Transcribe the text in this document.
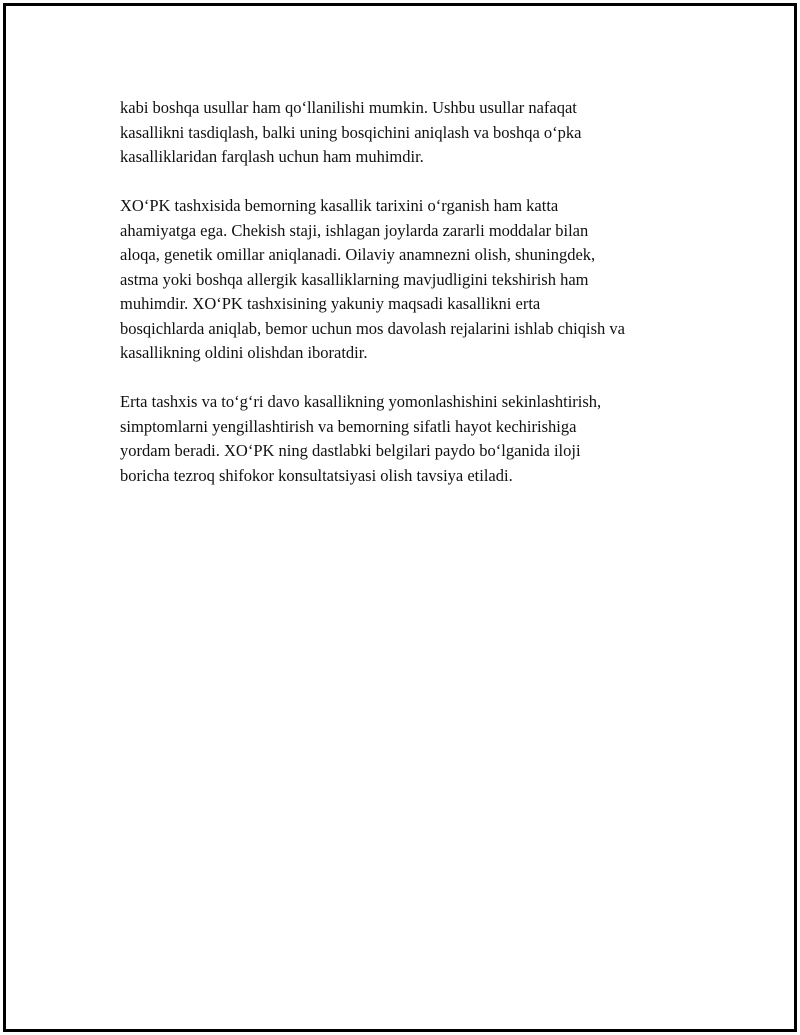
kabi boshqa usullar ham qo‘llanilishi mumkin. Ushbu usullar nafaqat
kasallikni tasdiqlash, balki uning bosqichini aniqlash va boshqa o‘pka
kasalliklaridan farqlash uchun ham muhimdir.

XO‘PK tashxisida bemorning kasallik tarixini o‘rganish ham katta
ahamiyatga ega. Chekish staji, ishlagan joylarda zararli moddalar bilan
aloqa, genetik omillar aniqlanadi. Oilaviy anamnezni olish, shuningdek,
astma yoki boshqa allergik kasalliklarning mavjudligini tekshirish ham
muhimdir. XO‘PK tashxisining yakuniy maqsadi kasallikni erta
bosqichlarda aniqlab, bemor uchun mos davolash rejalarini ishlab chiqish va
kasallikning oldini olishdan iboratdir.

Erta tashxis va to‘g‘ri davo kasallikning yomonlashishini sekinlashtirish,
simptomlarni yengillashtirish va bemorning sifatli hayot kechirishiga
yordam beradi. XO‘PK ning dastlabki belgilari paydo bo‘lganida iloji
boricha tezroq shifokor konsultatsiyasi olish tavsiya etiladi.
